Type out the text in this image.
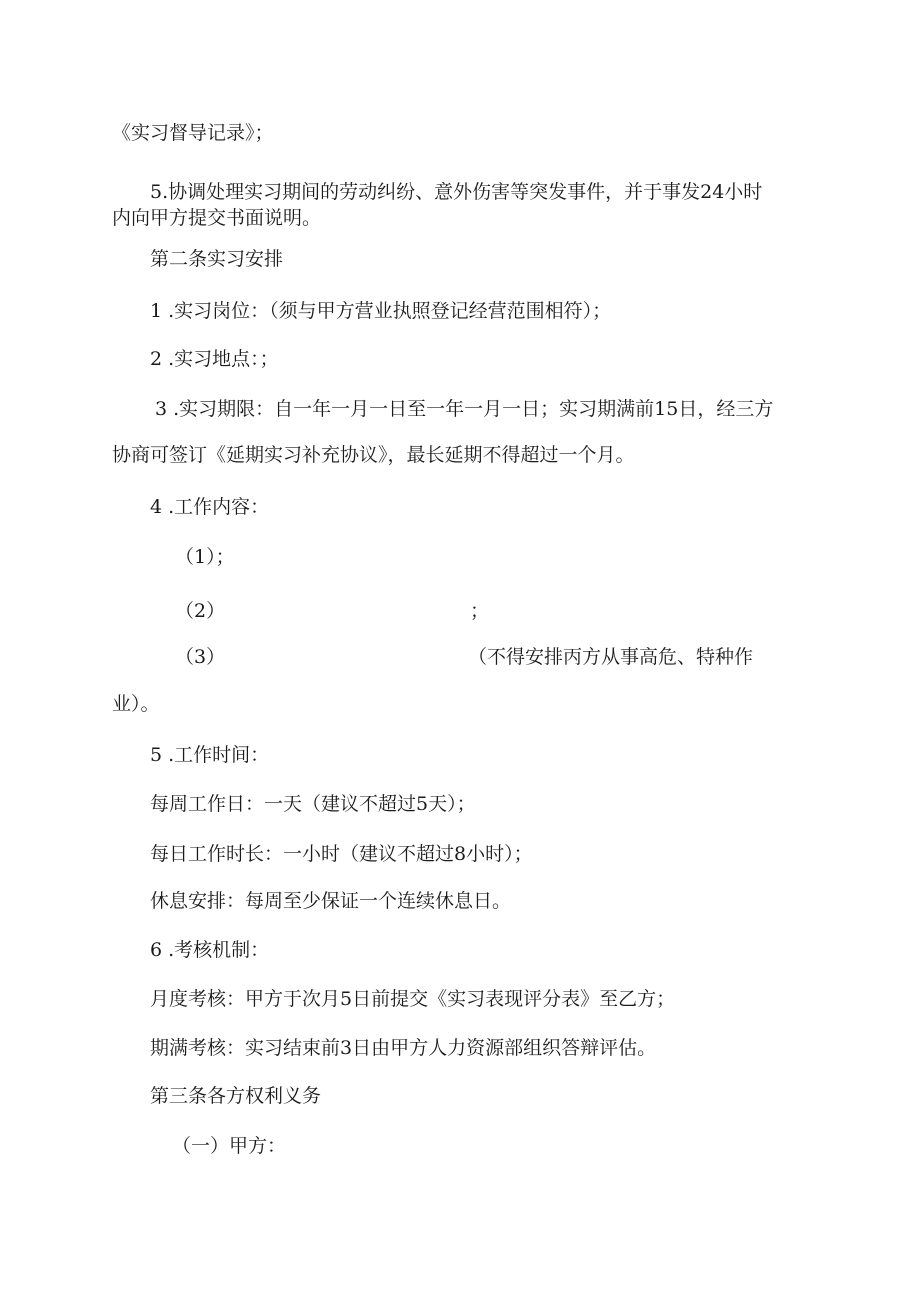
《实习督导记录》；
5.协调处理实习期间的劳动纠纷、意外伤害等突发事件，并于事发24小时
内向甲方提交书面说明。
第二条实习安排
1 .实习岗位：（须与甲方营业执照登记经营范围相符）；
2 .实习地点：；
3 .实习期限：自一年一月一日至一年一月一日；实习期满前15日，经三方
协商可签订《延期实习补充协议》，最长延期不得超过一个月。
4 .工作内容：
（1）；
（2）	；
（3）	（不得安排丙方从事高危、特种作
业）。
5 .工作时间：
每周工作日：一天（建议不超过5天）；
每日工作时长：一小时（建议不超过8小时）；
休息安排：每周至少保证一个连续休息日。
6 .考核机制：
月度考核：甲方于次月5日前提交《实习表现评分表》至乙方；
期满考核：实习结束前3日由甲方人力资源部组织答辩评估。
第三条各方权利义务
（一）甲方：
